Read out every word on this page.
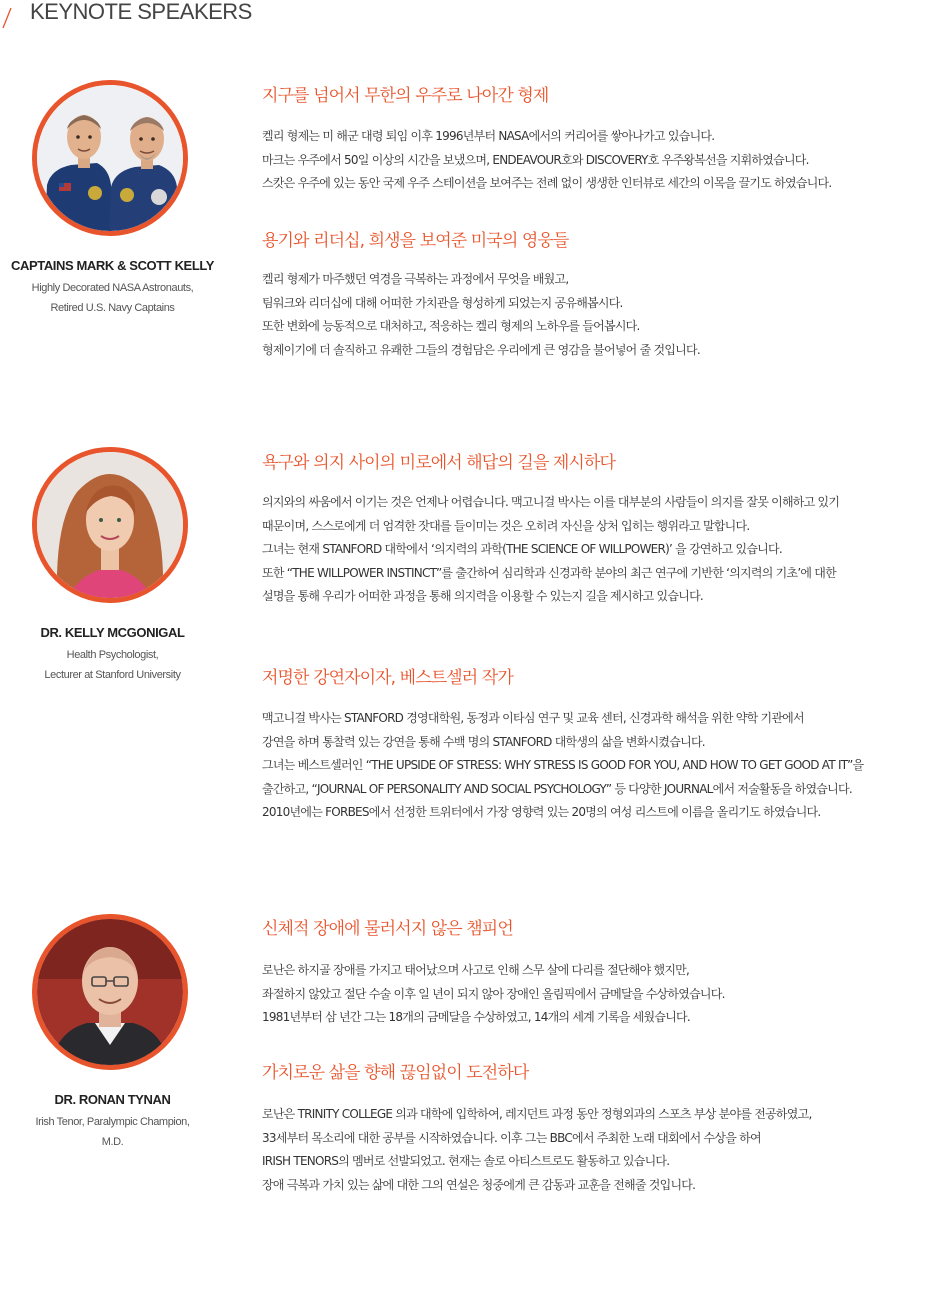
KEYNOTE SPEAKERS
CAPTAINS MARK & SCOTT KELLY
Highly Decorated NASA Astronauts,
Retired U.S. Navy Captains
지구를 넘어서 무한의 우주로 나아간 형제
켈리 형제는 미 해군 대령 퇴임 이후 1996년부터 NASA에서의 커리어를 쌓아나가고 있습니다.
마크는 우주에서 50일 이상의 시간을 보냈으며, ENDEAVOUR호와 DISCOVERY호 우주왕복선을 지휘하였습니다.
스캇은 우주에 있는 동안 국제 우주 스테이션을 보여주는 전례 없이 생생한 인터뷰로 세간의 이목을 끌기도 하였습니다.
용기와 리더십, 희생을 보여준 미국의 영웅들
켈리 형제가 마주했던 역경을 극복하는 과정에서 무엇을 배웠고,
팀워크와 리더십에 대해 어떠한 가치관을 형성하게 되었는지 공유해봅시다.
또한 변화에 능동적으로 대처하고, 적응하는 켈리 형제의 노하우를 들어봅시다.
형제이기에 더 솔직하고 유쾌한 그들의 경험담은 우리에게 큰 영감을 불어넣어 줄 것입니다.
DR. KELLY MCGONIGAL
Health Psychologist,
Lecturer at Stanford University
욕구와 의지 사이의 미로에서 해답의 길을 제시하다
의지와의 싸움에서 이기는 것은 언제나 어렵습니다. 맥고니걸 박사는 이를 대부분의 사람들이 의지를 잘못 이해하고 있기
때문이며, 스스로에게 더 엄격한 잣대를 들이미는 것은 오히려 자신을 상처 입히는 행위라고 말합니다.
그녀는 현재 STANFORD 대학에서 ‘의지력의 과학(THE SCIENCE OF WILLPOWER)’ 을 강연하고 있습니다.
또한 “THE WILLPOWER INSTINCT”를 출간하여 심리학과 신경과학 분야의 최근 연구에 기반한 ‘의지력의 기초’에 대한
설명을 통해 우리가 어떠한 과정을 통해 의지력을 이용할 수 있는지 길을 제시하고 있습니다.
저명한 강연자이자, 베스트셀러 작가
맥고니걸 박사는 STANFORD 경영대학원, 동정과 이타심 연구 및 교육 센터, 신경과학 해석을 위한 약학 기관에서
강연을 하며 통찰력 있는 강연을 통해 수백 명의 STANFORD 대학생의 삶을 변화시켰습니다.
그녀는 베스트셀러인 “THE UPSIDE OF STRESS: WHY STRESS IS GOOD FOR YOU, AND HOW TO GET GOOD AT IT”을
출간하고, “JOURNAL OF PERSONALITY AND SOCIAL PSYCHOLOGY” 등 다양한 JOURNAL에서 저술활동을 하였습니다.
2010년에는 FORBES에서 선정한 트위터에서 가장 영향력 있는 20명의 여성 리스트에 이름을 올리기도 하였습니다.
DR. RONAN TYNAN
Irish Tenor, Paralympic Champion,
M.D.
신체적 장애에 물러서지 않은 챔피언
로난은 하지골 장애를 가지고 태어났으며 사고로 인해 스무 살에 다리를 절단해야 했지만,
좌절하지 않았고 절단 수술 이후 일 년이 되지 않아 장애인 올림픽에서 금메달을 수상하였습니다.
1981년부터 삼 년간 그는 18개의 금메달을 수상하였고, 14개의 세계 기록을 세웠습니다.
가치로운 삶을 향해 끊임없이 도전하다
로난은 TRINITY COLLEGE 의과 대학에 입학하여, 레지던트 과정 동안 정형외과의 스포츠 부상 분야를 전공하였고,
33세부터 목소리에 대한 공부를 시작하였습니다. 이후 그는 BBC에서 주최한 노래 대회에서 수상을 하여
IRISH TENORS의 멤버로 선발되었고. 현재는 솔로 아티스트로도 활동하고 있습니다.
장애 극복과 가치 있는 삶에 대한 그의 연설은 청중에게 큰 감동과 교훈을 전해줄 것입니다.
